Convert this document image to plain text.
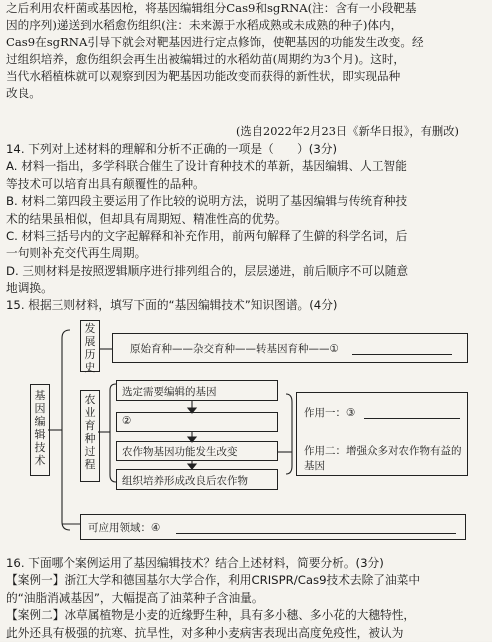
之后利用农杆菌或基因枪，将基因编辑组分Cas9和sgRNA(注：含有一小段靶基
因的序列)递送到水稻愈伤组织(注：未来源于水稻成熟或未成熟的种子)体内，
Cas9在sgRNA引导下就会对靶基因进行定点修饰，使靶基因的功能发生改变。经
过组织培养，愈伤组织会再生出被编辑过的水稻幼苗(周期约为3个月)。这时，
当代水稻植株就可以观察到因为靶基因功能改变而获得的新性状，即实现品种
改良。
(选自2022年2月23日《新华日报》，有删改)
14. 下列对上述材料的理解和分析不正确的一项是（　　）(3分)
A. 材料一指出，多学科联合催生了设计育种技术的革新，基因编辑、人工智能
等技术可以培育出具有颠覆性的品种。
B. 材料二第四段主要运用了作比较的说明方法，说明了基因编辑与传统育种技
术的结果虽相似，但却具有周期短、精准性高的优势。
C. 材料三括号内的文字起解释和补充作用，前两句解释了生僻的科学名词，后
一句则补充交代再生周期。
D. 三则材料是按照逻辑顺序进行排列组合的，层层递进，前后顺序不可以随意
地调换。
15. 根据三则材料，填写下面的“基因编辑技术”知识图谱。(4分)
基因编辑技术
发展历史
原始育种——杂交育种——转基因育种——①
农业育种过程
选定需要编辑的基因
②
农作物基因功能发生改变
组织培养形成改良后农作物
作用一：③
作用二：增强众多对农作物有益的基因
可应用领域：④
16. 下面哪个案例运用了基因编辑技术？结合上述材料，简要分析。(3分)
【案例一】浙江大学和德国基尔大学合作，利用CRISPR/Cas9技术去除了油菜中
的“油脂消减基因”，大幅提高了油菜种子含油量。
【案例二】冰草属植物是小麦的近缘野生种，具有多小穗、多小花的大穗特性，
此外还具有极强的抗寒、抗旱性，对多种小麦病害表现出高度免疫性，被认为
